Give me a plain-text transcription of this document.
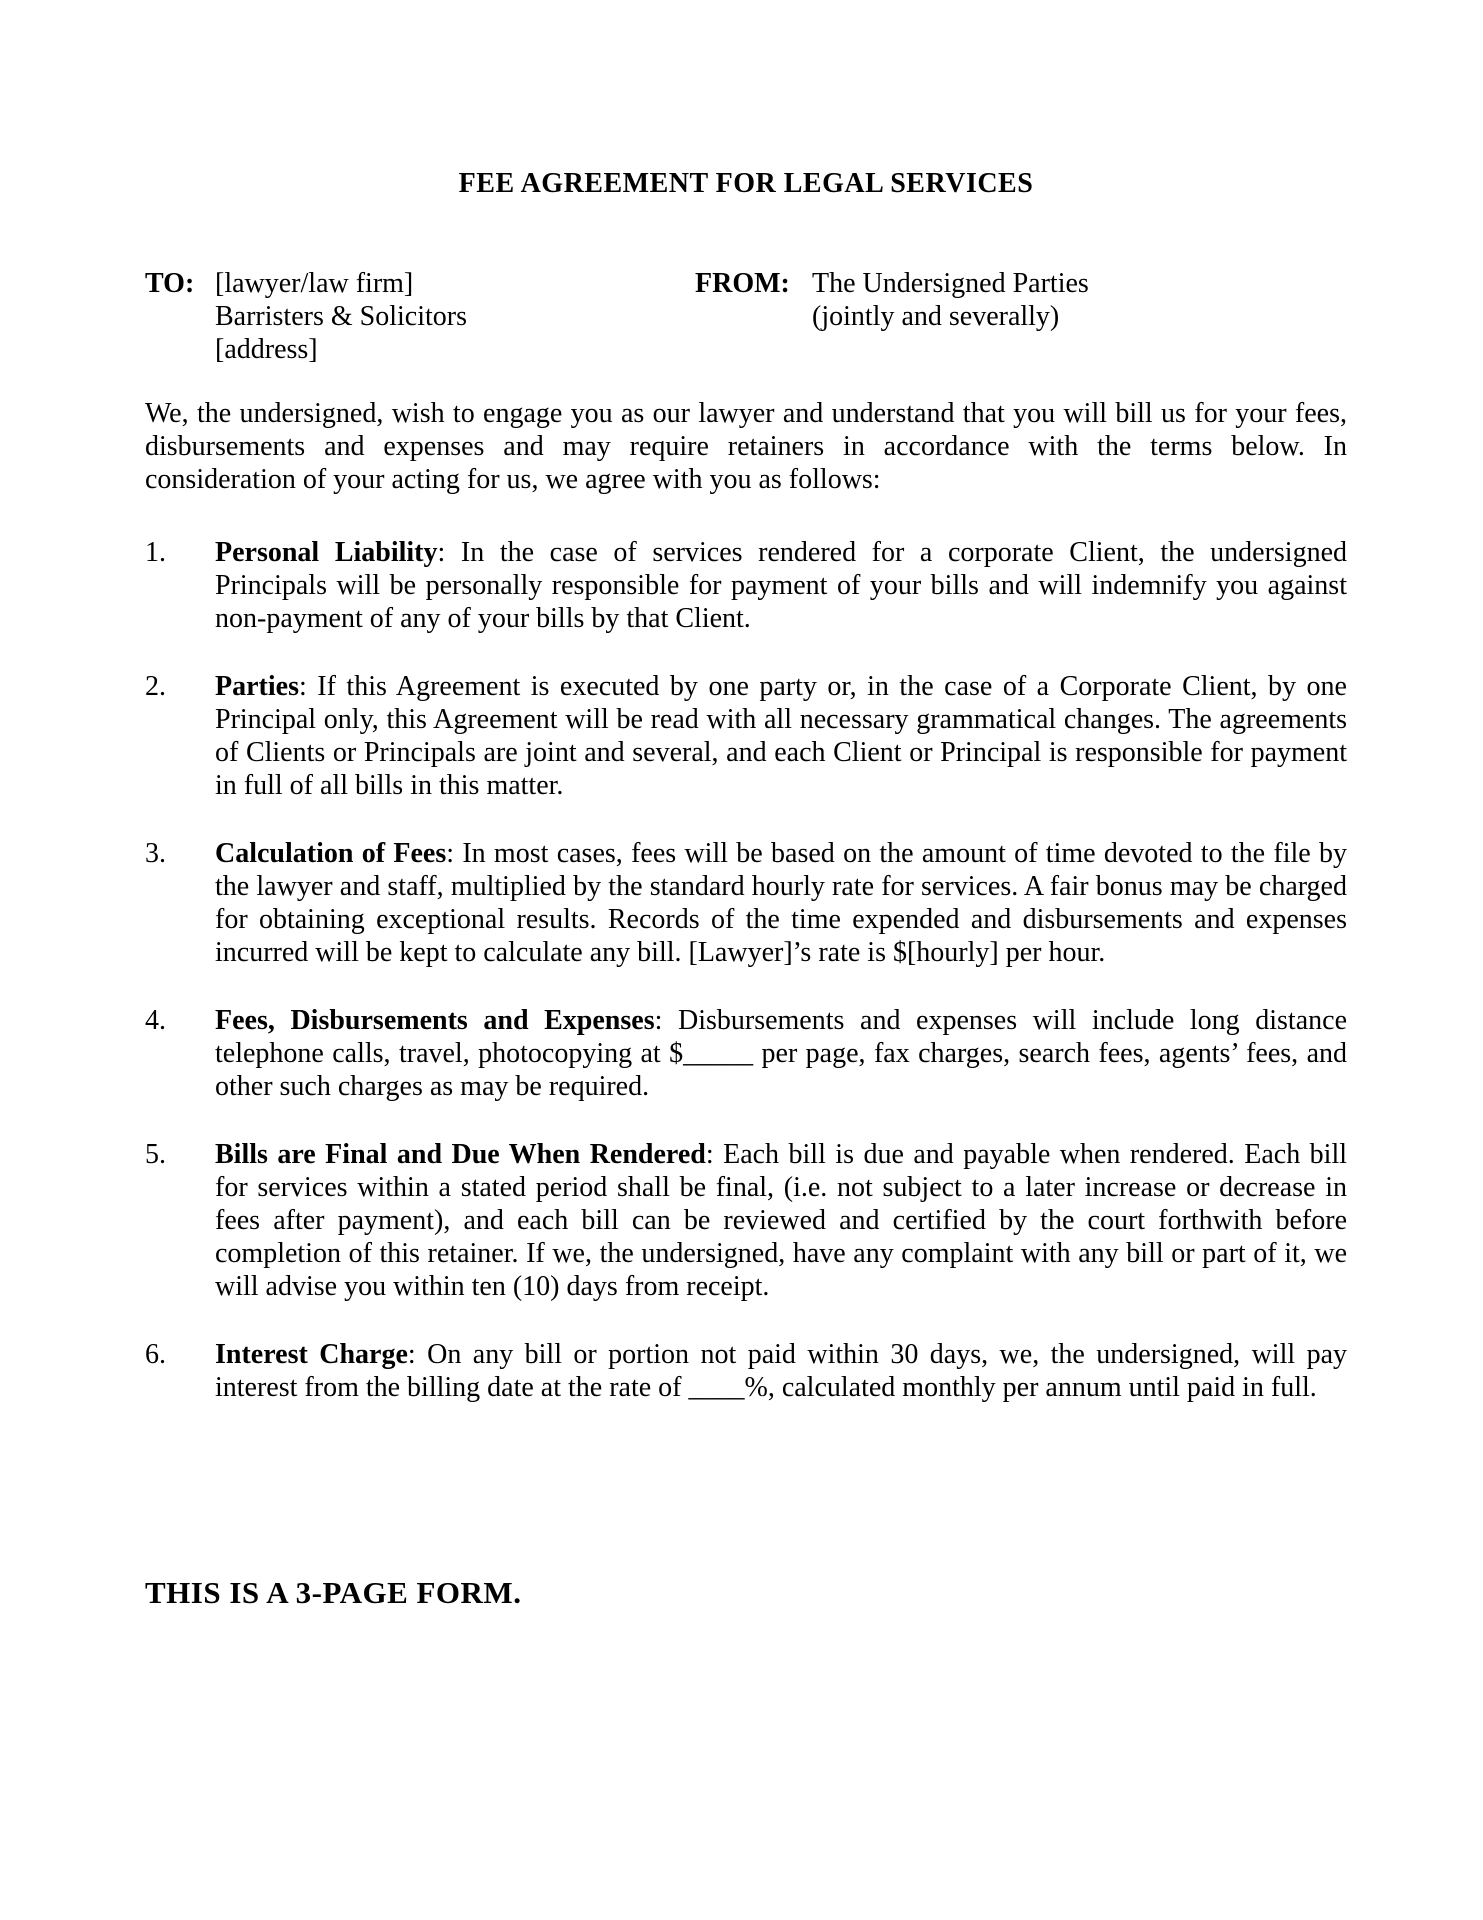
FEE AGREEMENT FOR LEGAL SERVICES
TO: [lawyer/law firm]
Barristers & Solicitors
[address]
FROM: The Undersigned Parties
(jointly and severally)

We, the undersigned, wish to engage you as our lawyer and understand that you will bill us for your fees, disbursements and expenses and may require retainers in accordance with the terms below. In consideration of your acting for us, we agree with you as follows:

1.	Personal Liability: In the case of services rendered for a corporate Client, the undersigned Principals will be personally responsible for payment of your bills and will indemnify you against non-payment of any of your bills by that Client.
2.	Parties: If this Agreement is executed by one party or, in the case of a Corporate Client, by one Principal only, this Agreement will be read with all necessary grammatical changes. The agreements of Clients or Principals are joint and several, and each Client or Principal is responsible for payment in full of all bills in this matter.
3.	Calculation of Fees: In most cases, fees will be based on the amount of time devoted to the file by the lawyer and staff, multiplied by the standard hourly rate for services. A fair bonus may be charged for obtaining exceptional results. Records of the time expended and disbursements and expenses incurred will be kept to calculate any bill. [Lawyer]’s rate is $[hourly] per hour.
4.	Fees, Disbursements and Expenses: Disbursements and expenses will include long distance telephone calls, travel, photocopying at $_____ per page, fax charges, search fees, agents’ fees, and other such charges as may be required.
5.	Bills are Final and Due When Rendered: Each bill is due and payable when rendered. Each bill for services within a stated period shall be final, (i.e. not subject to a later increase or decrease in fees after payment), and each bill can be reviewed and certified by the court forthwith before completion of this retainer. If we, the undersigned, have any complaint with any bill or part of it, we will advise you within ten (10) days from receipt.
6.	Interest Charge: On any bill or portion not paid within 30 days, we, the undersigned, will pay interest from the billing date at the rate of ____%, calculated monthly per annum until paid in full.
THIS IS A 3-PAGE FORM.
